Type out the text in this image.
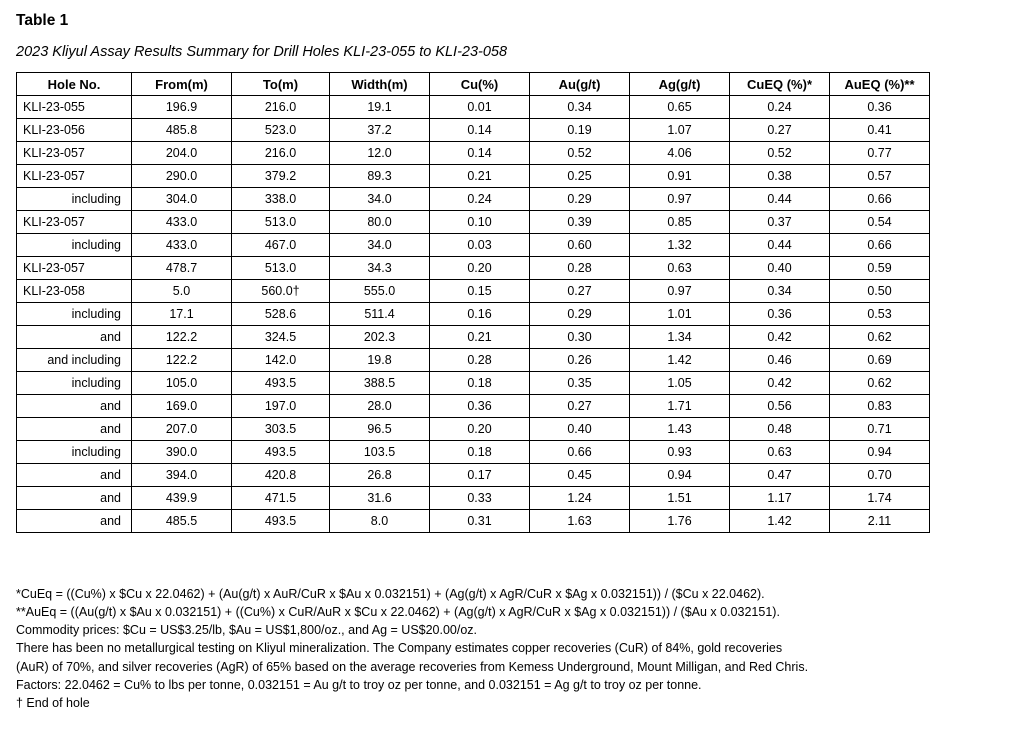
Table 1
2023 Kliyul Assay Results Summary for Drill Holes KLI-23-055 to KLI-23-058
Hole No.	From(m)	To(m)	Width(m)	Cu(%)	Au(g/t)	Ag(g/t)	CuEQ (%)*	AuEQ (%)**
KLI-23-055	196.9	216.0	19.1	0.01	0.34	0.65	0.24	0.36
KLI-23-056	485.8	523.0	37.2	0.14	0.19	1.07	0.27	0.41
KLI-23-057	204.0	216.0	12.0	0.14	0.52	4.06	0.52	0.77
KLI-23-057	290.0	379.2	89.3	0.21	0.25	0.91	0.38	0.57
including	304.0	338.0	34.0	0.24	0.29	0.97	0.44	0.66
KLI-23-057	433.0	513.0	80.0	0.10	0.39	0.85	0.37	0.54
including	433.0	467.0	34.0	0.03	0.60	1.32	0.44	0.66
KLI-23-057	478.7	513.0	34.3	0.20	0.28	0.63	0.40	0.59
KLI-23-058	5.0	560.0†	555.0	0.15	0.27	0.97	0.34	0.50
including	17.1	528.6	511.4	0.16	0.29	1.01	0.36	0.53
and	122.2	324.5	202.3	0.21	0.30	1.34	0.42	0.62
and including	122.2	142.0	19.8	0.28	0.26	1.42	0.46	0.69
including	105.0	493.5	388.5	0.18	0.35	1.05	0.42	0.62
and	169.0	197.0	28.0	0.36	0.27	1.71	0.56	0.83
and	207.0	303.5	96.5	0.20	0.40	1.43	0.48	0.71
including	390.0	493.5	103.5	0.18	0.66	0.93	0.63	0.94
and	394.0	420.8	26.8	0.17	0.45	0.94	0.47	0.70
and	439.9	471.5	31.6	0.33	1.24	1.51	1.17	1.74
and	485.5	493.5	8.0	0.31	1.63	1.76	1.42	2.11
*CuEq = ((Cu%) x $Cu x 22.0462) + (Au(g/t) x AuR/CuR x $Au x 0.032151) + (Ag(g/t) x AgR/CuR x $Ag x 0.032151)) / ($Cu x 22.0462).
**AuEq = ((Au(g/t) x $Au x 0.032151) + ((Cu%) x CuR/AuR x $Cu x 22.0462) + (Ag(g/t) x AgR/CuR x $Ag x 0.032151)) / ($Au x 0.032151).
Commodity prices: $Cu = US$3.25/lb, $Au = US$1,800/oz., and Ag = US$20.00/oz.
There has been no metallurgical testing on Kliyul mineralization. The Company estimates copper recoveries (CuR) of 84%, gold recoveries
(AuR) of 70%, and silver recoveries (AgR) of 65% based on the average recoveries from Kemess Underground, Mount Milligan, and Red Chris.
Factors: 22.0462 = Cu% to lbs per tonne, 0.032151 = Au g/t to troy oz per tonne, and 0.032151 = Ag g/t to troy oz per tonne.
† End of hole
